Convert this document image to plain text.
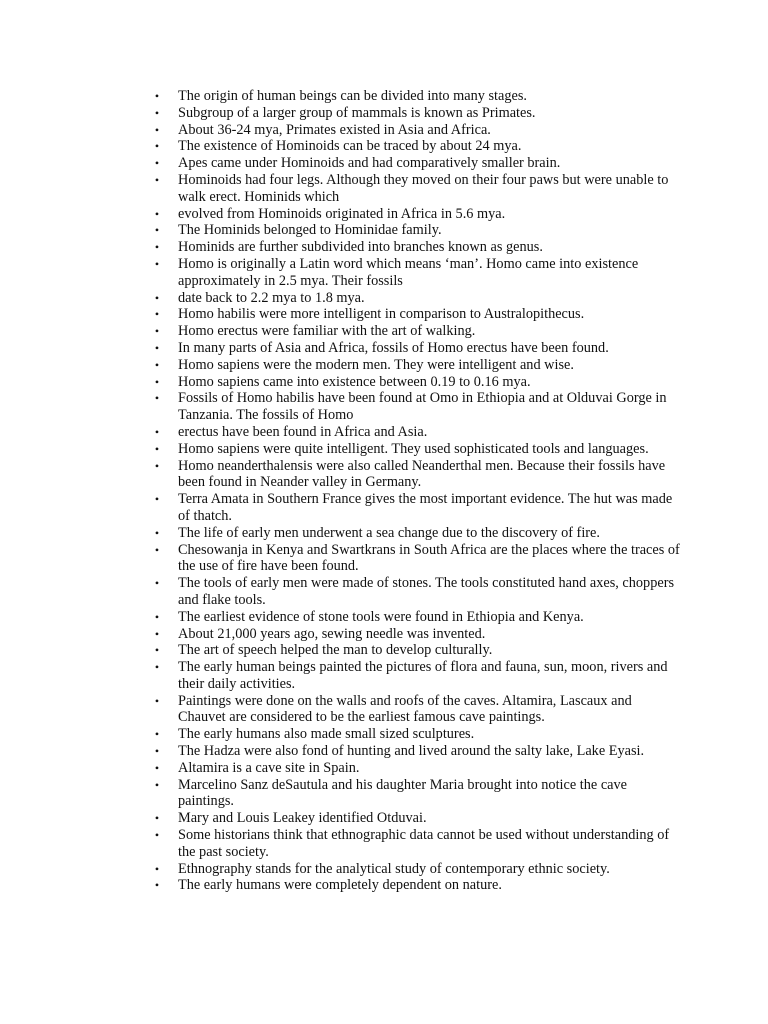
• The origin of human beings can be divided into many stages.
• Subgroup of a larger group of mammals is known as Primates.
• About 36-24 mya, Primates existed in Asia and Africa.
• The existence of Hominoids can be traced by about 24 mya.
• Apes came under Hominoids and had comparatively smaller brain.
• Hominoids had four legs. Although they moved on their four paws but were unable to walk erect. Hominids which
• evolved from Hominoids originated in Africa in 5.6 mya.
• The Hominids belonged to Hominidae family.
• Hominids are further subdivided into branches known as genus.
• Homo is originally a Latin word which means ‘man’. Homo came into existence approximately in 2.5 mya. Their fossils
• date back to 2.2 mya to 1.8 mya.
• Homo habilis were more intelligent in comparison to Australopithecus.
• Homo erectus were familiar with the art of walking.
• In many parts of Asia and Africa, fossils of Homo erectus have been found.
• Homo sapiens were the modern men. They were intelligent and wise.
• Homo sapiens came into existence between 0.19 to 0.16 mya.
• Fossils of Homo habilis have been found at Omo in Ethiopia and at Olduvai Gorge in Tanzania. The fossils of Homo
• erectus have been found in Africa and Asia.
• Homo sapiens were quite intelligent. They used sophisticated tools and languages.
• Homo neanderthalensis were also called Neanderthal men. Because their fossils have been found in Neander valley in Germany.
• Terra Amata in Southern France gives the most important evidence. The hut was made of thatch.
• The life of early men underwent a sea change due to the discovery of fire.
• Chesowanja in Kenya and Swartkrans in South Africa are the places where the traces of the use of fire have been found.
• The tools of early men were made of stones. The tools constituted hand axes, choppers and flake tools.
• The earliest evidence of stone tools were found in Ethiopia and Kenya.
• About 21,000 years ago, sewing needle was invented.
• The art of speech helped the man to develop culturally.
• The early human beings painted the pictures of flora and fauna, sun, moon, rivers and their daily activities.
• Paintings were done on the walls and roofs of the caves. Altamira, Lascaux and Chauvet are considered to be the earliest famous cave paintings.
• The early humans also made small sized sculptures.
• The Hadza were also fond of hunting and lived around the salty lake, Lake Eyasi.
• Altamira is a cave site in Spain.
• Marcelino Sanz deSautula and his daughter Maria brought into notice the cave paintings.
• Mary and Louis Leakey identified Otduvai.
• Some historians think that ethnographic data cannot be used without understanding of the past society.
• Ethnography stands for the analytical study of contemporary ethnic society.
• The early humans were completely dependent on nature.
